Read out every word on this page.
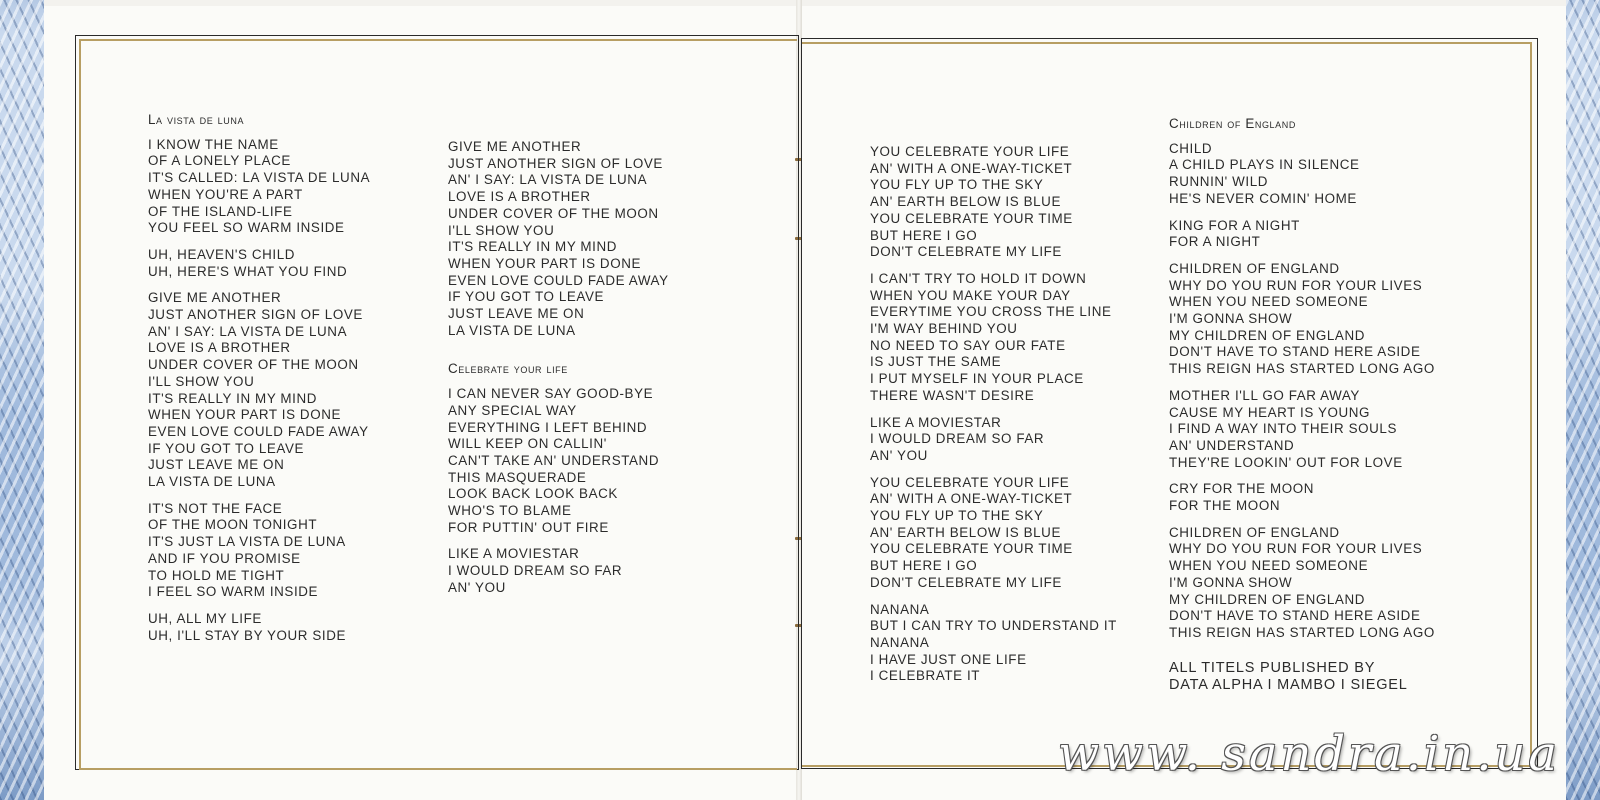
La vista de luna
I KNOW THE NAME
OF A LONELY PLACE
IT'S CALLED: LA VISTA DE LUNA
WHEN YOU'RE A PART
OF THE ISLAND-LIFE
YOU FEEL SO WARM INSIDE
UH, HEAVEN'S CHILD
UH, HERE'S WHAT YOU FIND
GIVE ME ANOTHER
JUST ANOTHER SIGN OF LOVE
AN' I SAY: LA VISTA DE LUNA
LOVE IS A BROTHER
UNDER COVER OF THE MOON
I'LL SHOW YOU
IT'S REALLY IN MY MIND
WHEN YOUR PART IS DONE
EVEN LOVE COULD FADE AWAY
IF YOU GOT TO LEAVE
JUST LEAVE ME ON
LA VISTA DE LUNA
IT'S NOT THE FACE
OF THE MOON TONIGHT
IT'S JUST LA VISTA DE LUNA
AND IF YOU PROMISE
TO HOLD ME TIGHT
I FEEL SO WARM INSIDE
UH, ALL MY LIFE
UH, I'LL STAY BY YOUR SIDE
GIVE ME ANOTHER
JUST ANOTHER SIGN OF LOVE
AN' I SAY: LA VISTA DE LUNA
LOVE IS A BROTHER
UNDER COVER OF THE MOON
I'LL SHOW YOU
IT'S REALLY IN MY MIND
WHEN YOUR PART IS DONE
EVEN LOVE COULD FADE AWAY
IF YOU GOT TO LEAVE
JUST LEAVE ME ON
LA VISTA DE LUNA
Celebrate your life
I CAN NEVER SAY GOOD-BYE
ANY SPECIAL WAY
EVERYTHING I LEFT BEHIND
WILL KEEP ON CALLIN'
CAN'T TAKE AN' UNDERSTAND
THIS MASQUERADE
LOOK BACK LOOK BACK
WHO'S TO BLAME
FOR PUTTIN' OUT FIRE
LIKE A MOVIESTAR
I WOULD DREAM SO FAR
AN' YOU
YOU CELEBRATE YOUR LIFE
AN' WITH A ONE-WAY-TICKET
YOU FLY UP TO THE SKY
AN' EARTH BELOW IS BLUE
YOU CELEBRATE YOUR TIME
BUT HERE I GO
DON'T CELEBRATE MY LIFE
I CAN'T TRY TO HOLD IT DOWN
WHEN YOU MAKE YOUR DAY
EVERYTIME YOU CROSS THE LINE
I'M WAY BEHIND YOU
NO NEED TO SAY OUR FATE
IS JUST THE SAME
I PUT MYSELF IN YOUR PLACE
THERE WASN'T DESIRE
LIKE A MOVIESTAR
I WOULD DREAM SO FAR
AN' YOU
YOU CELEBRATE YOUR LIFE
AN' WITH A ONE-WAY-TICKET
YOU FLY UP TO THE SKY
AN' EARTH BELOW IS BLUE
YOU CELEBRATE YOUR TIME
BUT HERE I GO
DON'T CELEBRATE MY LIFE
NANANA
BUT I CAN TRY TO UNDERSTAND IT
NANANA
I HAVE JUST ONE LIFE
I CELEBRATE IT
Children of England
CHILD
A CHILD PLAYS IN SILENCE
RUNNIN' WILD
HE'S NEVER COMIN' HOME
KING FOR A NIGHT
FOR A NIGHT
CHILDREN OF ENGLAND
WHY DO YOU RUN FOR YOUR LIVES
WHEN YOU NEED SOMEONE
I'M GONNA SHOW
MY CHILDREN OF ENGLAND
DON'T HAVE TO STAND HERE ASIDE
THIS REIGN HAS STARTED LONG AGO
MOTHER I'LL GO FAR AWAY
CAUSE MY HEART IS YOUNG
I FIND A WAY INTO THEIR SOULS
AN' UNDERSTAND
THEY'RE LOOKIN' OUT FOR LOVE
CRY FOR THE MOON
FOR THE MOON
CHILDREN OF ENGLAND
WHY DO YOU RUN FOR YOUR LIVES
WHEN YOU NEED SOMEONE
I'M GONNA SHOW
MY CHILDREN OF ENGLAND
DON'T HAVE TO STAND HERE ASIDE
THIS REIGN HAS STARTED LONG AGO
ALL TITELS PUBLISHED BY
DATA ALPHA I MAMBO I SIEGEL
www. sandra.in.ua
